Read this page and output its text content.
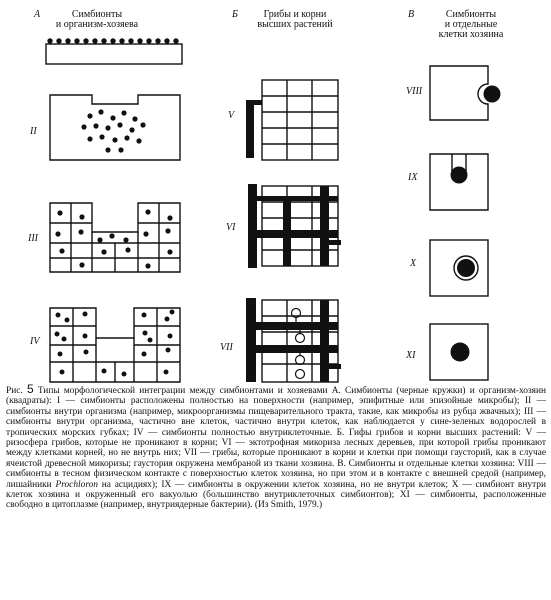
А	Симбионты
и организм-хозяева
Б	Грибы и корни
высших растений
В	Симбионты
и отдельные
клетки хозяина
II
III
IV
V
VI
VII
VIII
IX
X
XI
Рис. 5 Типы морфологической интеграции между симбионтами и хозяевами А. Симбионты (черные кружки) и организм-хозяин (квадраты): I — симбионты расположены полностью на поверхности (например, эпифитные или эпизойные микробы); II — симбионты внутри организма (например, микроорганизмы пищеварительного тракта, такие, как микробы из рубца жвачных); III — симбионты внутри организма, частично вне клеток, частично внутри клеток, как наблюдается у сине-зеленых водорослей в тропических морских губках; IV — симбионты полностью внутриклеточные. Б. Гифы грибов и корни высших растений: V — ризосфера грибов, которые не проникают в корни; VI — эктотрофная микориза лесных деревьев, при которой грибы проникают между клетками корней, но не внутрь них; VII — грибы, которые проникают в корни и клетки при помощи гаусторий, как в случае ячеистой древесной микоризы; гаустория окружена мембраной из ткани хозяина. В. Симбионты и отдельные клетки хозяина: VIII — симбионты в тесном физическом контакте с поверхностью клеток хозяина, но при этом и в контакте с внешней средой (например, лишайники Prochloron на асцидиях); IX — симбионты в окружении клеток хозяина, но не внутри клеток; X — симбионт внутри клеток хозяина и окруженный его вакуолью (большинство внутриклеточных симбионтов); XI — симбионты, расположенные свободно в цитоплазме (например, внутриядерные бактерии). (Из Smith, 1979.)
